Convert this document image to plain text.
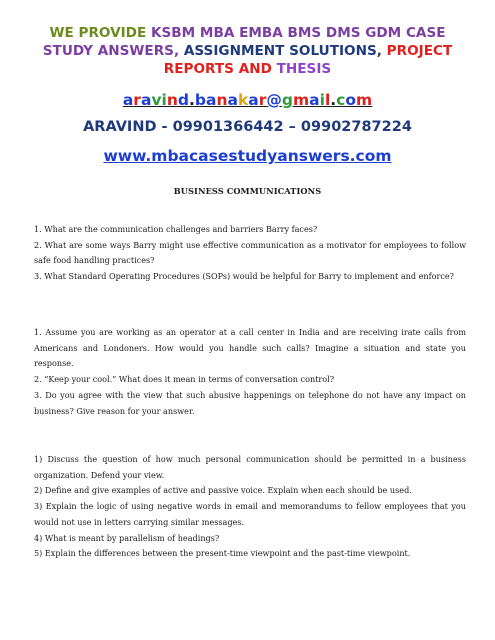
WE PROVIDE KSBM MBA EMBA BMS DMS GDM CASE
STUDY ANSWERS, ASSIGNMENT SOLUTIONS, PROJECT
REPORTS AND THESIS
aravind.banakar@gmail.com
ARAVIND - 09901366442 – 09902787224
www.mbacasestudyanswers.com
BUSINESS COMMUNICATIONS

1. What are the communication challenges and barriers Barry faces?

2. What are some ways Barry might use effective communication as a motivator for employees to follow safe food handling practices?

3. What Standard Operating Procedures (SOPs) would be helpful for Barry to implement and enforce?

1. Assume you are working as an operator at a call center in India and are receiving irate calls from Americans and Londoners. How would you handle such calls? Imagine a situation and state you response.

2. “Keep your cool.” What does it mean in terms of conversation control?

3. Do you agree with the view that such abusive happenings on telephone do not have any impact on business? Give reason for your answer.

1) Discuss the question of how much personal communication should be permitted in a business organization. Defend your view.

2) Define and give examples of active and passive voice. Explain when each should be used.

3) Explain the logic of using negative words in email and memorandums to fellow employees that you would not use in letters carrying similar messages.

4) What is meant by parallelism of headings?

5) Explain the differences between the present-time viewpoint and the past-time viewpoint.
